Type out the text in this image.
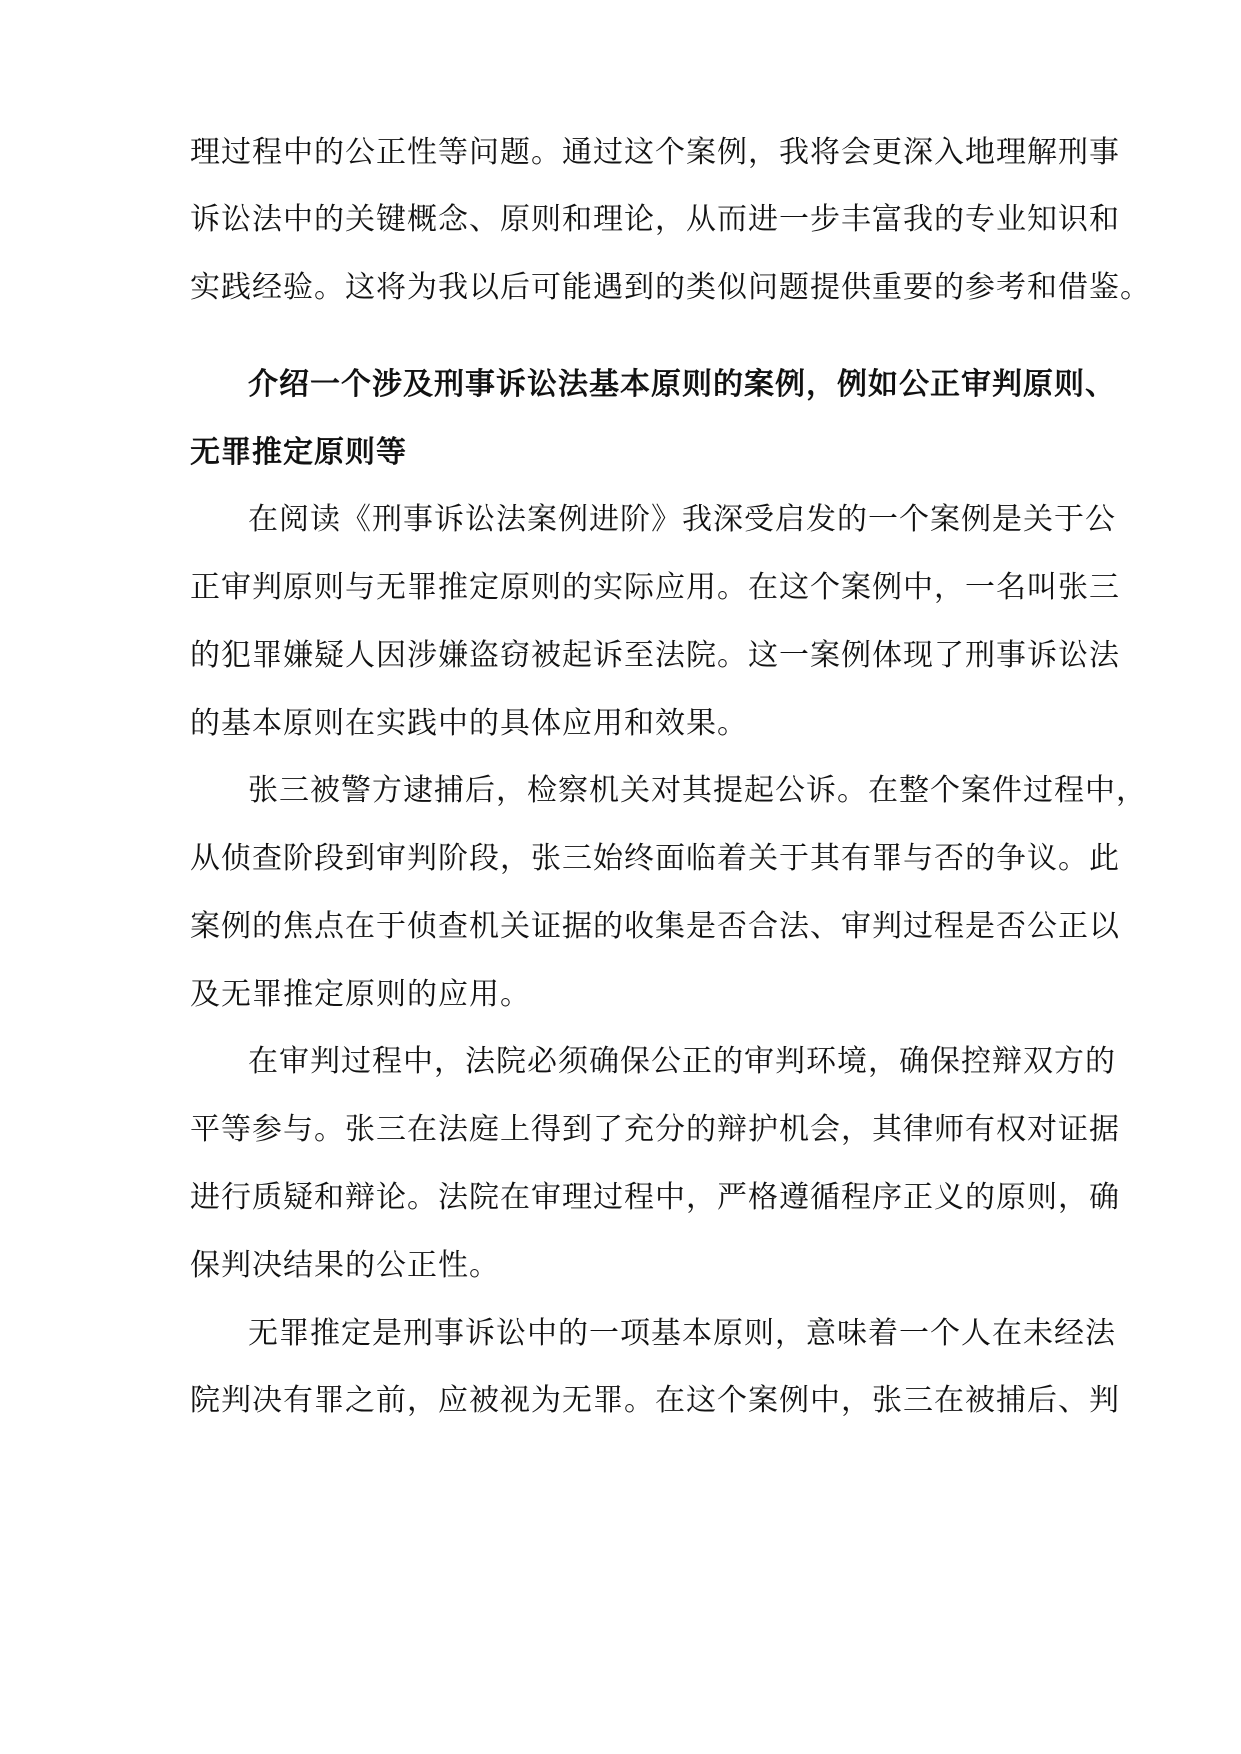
理过程中的公正性等问题。通过这个案例，我将会更深入地理解刑事
诉讼法中的关键概念、原则和理论，从而进一步丰富我的专业知识和
实践经验。这将为我以后可能遇到的类似问题提供重要的参考和借鉴。
介绍一个涉及刑事诉讼法基本原则的案例，例如公正审判原则、
无罪推定原则等
在阅读《刑事诉讼法案例进阶》我深受启发的一个案例是关于公
正审判原则与无罪推定原则的实际应用。在这个案例中，一名叫张三
的犯罪嫌疑人因涉嫌盗窃被起诉至法院。这一案例体现了刑事诉讼法
的基本原则在实践中的具体应用和效果。
张三被警方逮捕后，检察机关对其提起公诉。在整个案件过程中，
从侦查阶段到审判阶段，张三始终面临着关于其有罪与否的争议。此
案例的焦点在于侦查机关证据的收集是否合法、审判过程是否公正以
及无罪推定原则的应用。
在审判过程中，法院必须确保公正的审判环境，确保控辩双方的
平等参与。张三在法庭上得到了充分的辩护机会，其律师有权对证据
进行质疑和辩论。法院在审理过程中，严格遵循程序正义的原则，确
保判决结果的公正性。
无罪推定是刑事诉讼中的一项基本原则，意味着一个人在未经法
院判决有罪之前，应被视为无罪。在这个案例中，张三在被捕后、判
